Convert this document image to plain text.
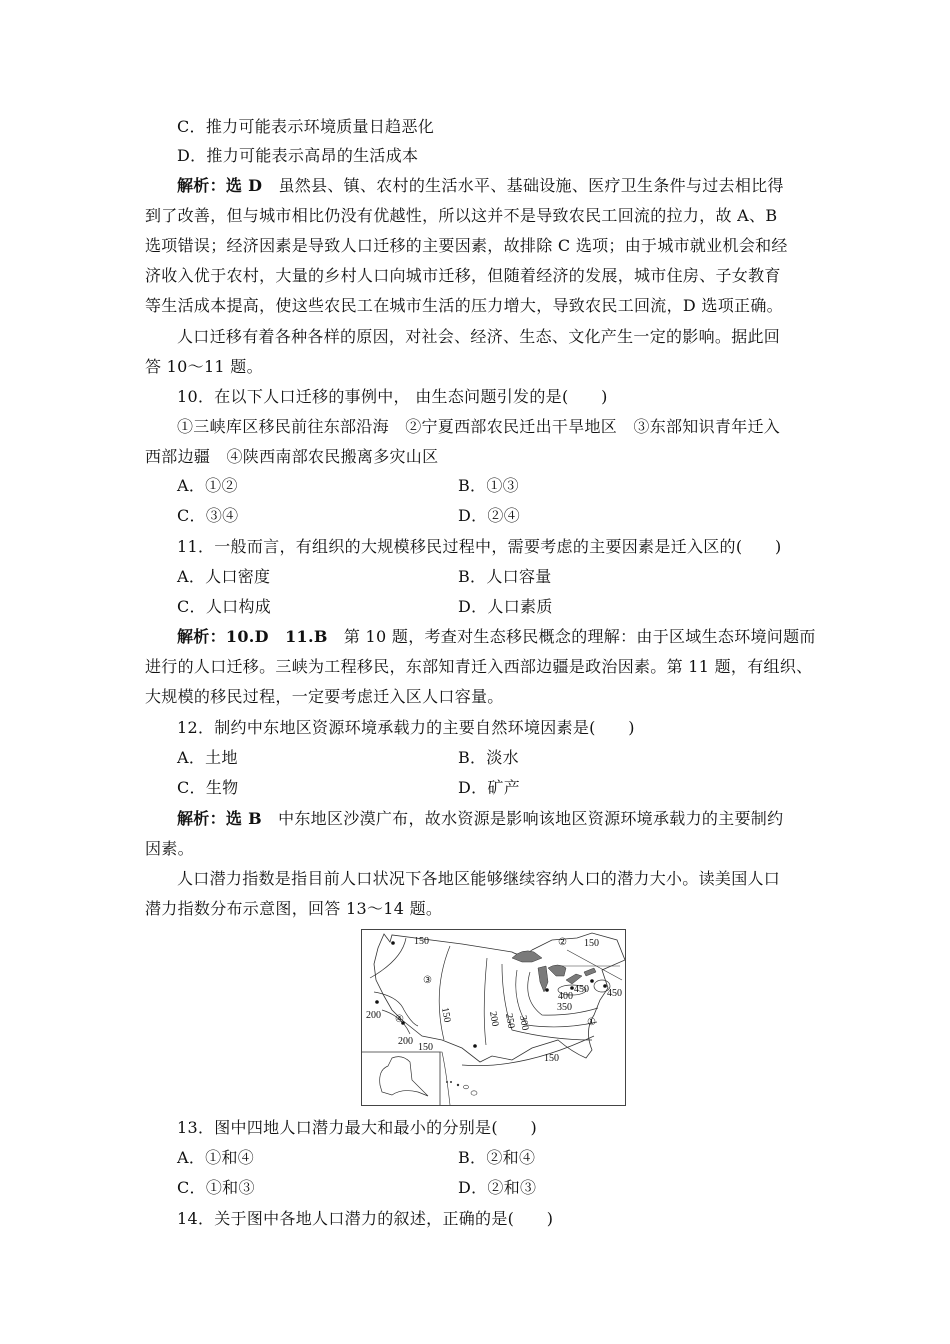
C．推力可能表示环境质量日趋恶化
D．推力可能表示高昂的生活成本
解析：选 D 虽然县、镇、农村的生活水平、基础设施、医疗卫生条件与过去相比得
到了改善，但与城市相比仍没有优越性，所以这并不是导致农民工回流的拉力，故 A、B
选项错误；经济因素是导致人口迁移的主要因素，故排除 C 选项；由于城市就业机会和经
济收入优于农村，大量的乡村人口向城市迁移，但随着经济的发展，城市住房、子女教育
等生活成本提高，使这些农民工在城市生活的压力增大，导致农民工回流，D 选项正确。
人口迁移有着各种各样的原因，对社会、经济、生态、文化产生一定的影响。据此回
答 10～11 题。
10．在以下人口迁移的事例中， 由生态问题引发的是(　　)
①三峡库区移民前往东部沿海　②宁夏西部农民迁出干旱地区　③东部知识青年迁入
西部边疆　④陕西南部农民搬离多灾山区
A．①②	B．①③
C．③④	D．②④
11．一般而言，有组织的大规模移民过程中，需要考虑的主要因素是迁入区的(　　)
A．人口密度	B．人口容量
C．人口构成	D．人口素质
解析：10.D　11.B 第 10 题，考查对生态移民概念的理解：由于区域生态环境问题而
进行的人口迁移。三峡为工程移民，东部知青迁入西部边疆是政治因素。第 11 题，有组织、
大规模的移民过程，一定要考虑迁入区人口容量。
12．制约中东地区资源环境承载力的主要自然环境因素是(　　)
A．土地	B．淡水
C．生物	D．矿产
解析：选 B 中东地区沙漠广布，故水资源是影响该地区资源环境承载力的主要制约
因素。
人口潜力指数是指目前人口状况下各地区能够继续容纳人口的潜力大小。读美国人口
潜力指数分布示意图，回答 13～14 题。
150	150
150
150
200 250 300
350
400
450 450
200
200
150
①
②
③
④
13．图中四地人口潜力最大和最小的分别是(　　)
A．①和④	B．②和④
C．①和③	D．②和③
14．关于图中各地人口潜力的叙述，正确的是(　　)
